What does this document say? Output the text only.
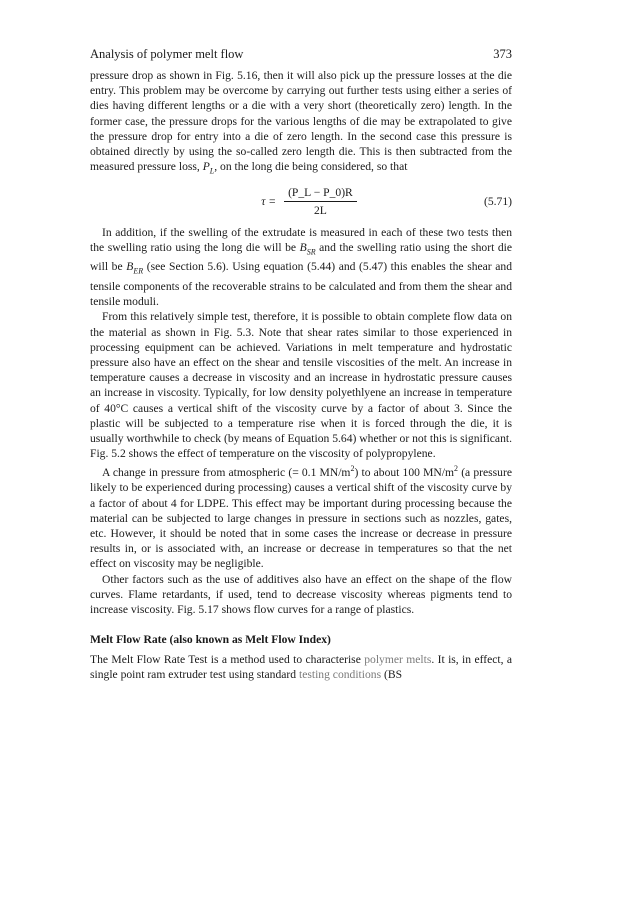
Analysis of polymer melt flow	373

pressure drop as shown in Fig. 5.16, then it will also pick up the pressure losses at the die entry. This problem may be overcome by carrying out further tests using either a series of dies having different lengths or a die with a very short (theoretically zero) length. In the former case, the pressure drops for the various lengths of die may be extrapolated to give the pressure drop for entry into a die of zero length. In the second case this pressure is obtained directly by using the so-called zero length die. This is then subtracted from the measured pressure loss, $P_L$, on the long die being considered, so that

$\tau = \frac{(P\_L - P\_0)R}{2L}$	(5.71)

In addition, if the swelling of the extrudate is measured in each of these two tests then the swelling ratio using the long die will be $B_{SR}$ and the swelling ratio using the short die will be $B_{ER}$ (see Section 5.6). Using equation (5.44) and (5.47) this enables the shear and tensile components of the recoverable strains to be calculated and from them the shear and tensile moduli.

From this relatively simple test, therefore, it is possible to obtain complete flow data on the material as shown in Fig. 5.3. Note that shear rates similar to those experienced in processing equipment can be achieved. Variations in melt temperature and hydrostatic pressure also have an effect on the shear and tensile viscosities of the melt. An increase in temperature causes a decrease in viscosity and an increase in hydrostatic pressure causes an increase in viscosity. Typically, for low density polyethlyene an increase in temperature of 40°C causes a vertical shift of the viscosity curve by a factor of about 3. Since the plastic will be subjected to a temperature rise when it is forced through the die, it is usually worthwhile to check (by means of Equation 5.64) whether or not this is significant. Fig. 5.2 shows the effect of temperature on the viscosity of polypropylene.

A change in pressure from atmospheric (= 0.1 $MN/m^2$) to about 100 $MN/m^2$ (a pressure likely to be experienced during processing) causes a vertical shift of the viscosity curve by a factor of about 4 for LDPE. This effect may be important during processing because the material can be subjected to large changes in pressure in sections such as nozzles, gates, etc. However, it should be noted that in some cases the increase or decrease in pressure results in, or is associated with, an increase or decrease in temperatures so that the net effect on viscosity may be negligible.

Other factors such as the use of additives also have an effect on the shape of the flow curves. Flame retardants, if used, tend to decrease viscosity whereas pigments tend to increase viscosity. Fig. 5.17 shows flow curves for a range of plastics.

Melt Flow Rate (also known as Melt Flow Index)

The Melt Flow Rate Test is a method used to characterise polymer melts. It is, in effect, a single point ram extruder test using standard testing conditions (BS
